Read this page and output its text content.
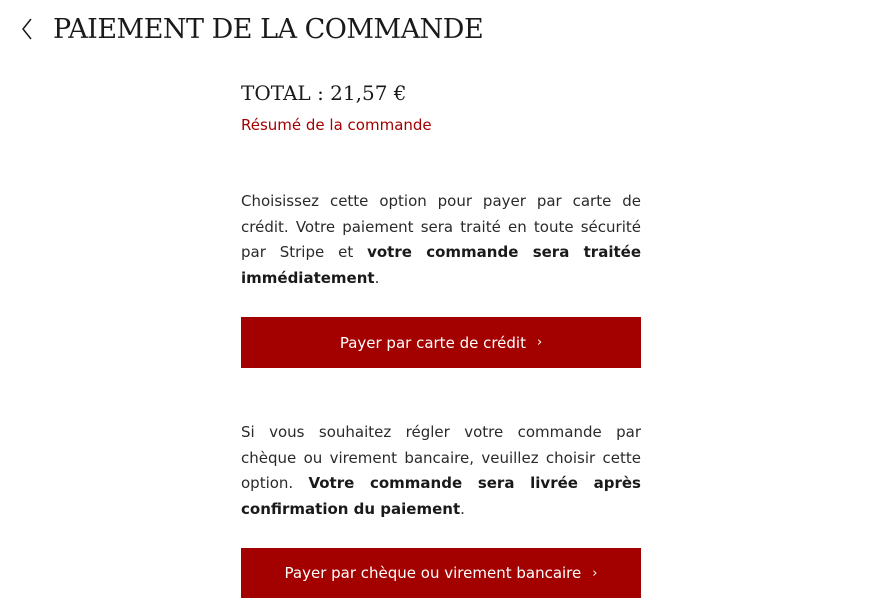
PAIEMENT DE LA COMMANDE
TOTAL : 21,57 €
Résumé de la commande

Choisissez cette option pour payer par carte de crédit. Votre paiement sera traité en toute sécurité par Stripe et votre commande sera traitée immédiatement.

Payer par carte de crédit ›

Si vous souhaitez régler votre commande par chèque ou virement bancaire, veuillez choisir cette option. Votre commande sera livrée après confirmation du paiement.

Payer par chèque ou virement bancaire ›
